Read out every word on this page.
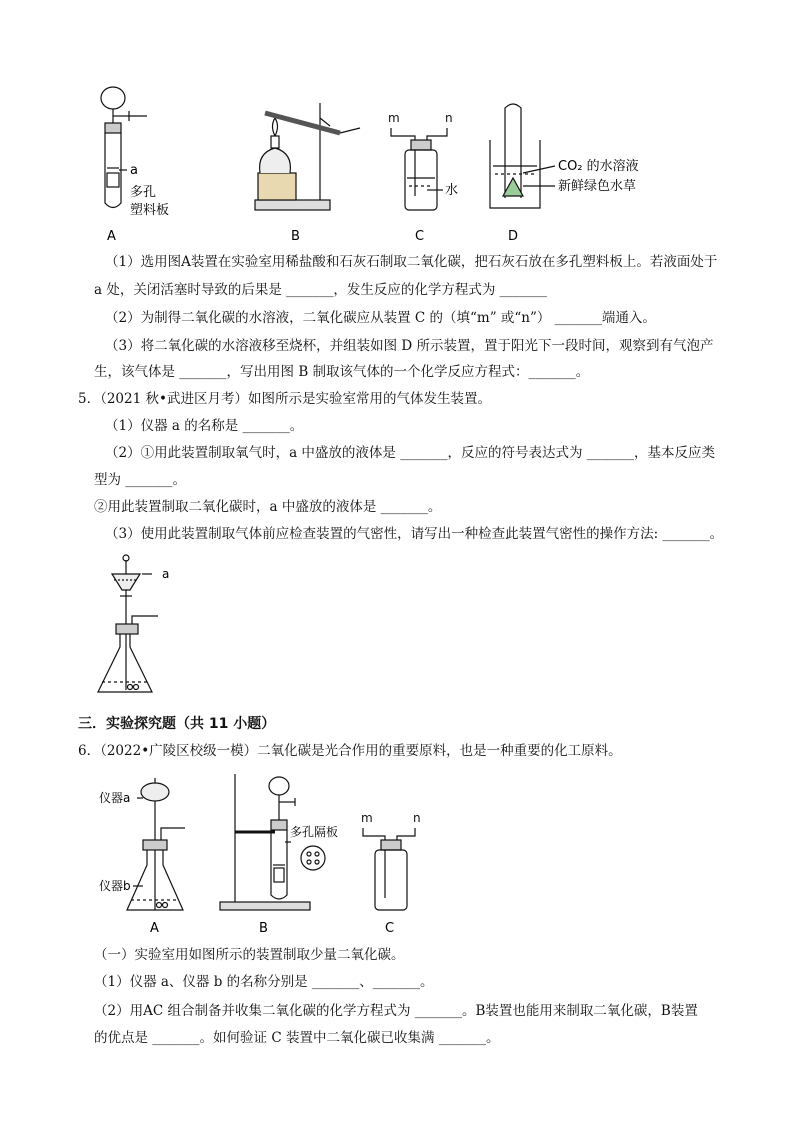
a
多孔
塑料板
A	B
m	n
水
C
CO₂ 的水溶液
新鲜绿色水草
D
（1）选用图A装置在实验室用稀盐酸和石灰石制取二氧化碳，把石灰石放在多孔塑料板上。若液面处于
a 处，关闭活塞时导致的后果是 _______，发生反应的化学方程式为 _______
（2）为制得二氧化碳的水溶液，二氧化碳应从装置 C 的（填“m” 或“n”） _______端通入。
（3）将二氧化碳的水溶液移至烧杯，并组装如图 D 所示装置，置于阳光下一段时间，观察到有气泡产
生，该气体是 _______，写出用图 B 制取该气体的一个化学反应方程式：_______。
5．（2021 秋•武进区月考）如图所示是实验室常用的气体发生装置。
（1）仪器 a 的名称是 _______。
（2）①用此装置制取氧气时，a 中盛放的液体是 _______，反应的符号表达式为 _______，基本反应类
型为 _______。
②用此装置制取二氧化碳时，a 中盛放的液体是 _______。
（3）使用此装置制取气体前应检查装置的气密性，请写出一种检查此装置气密性的操作方法: _______。
a
三．实验探究题（共 11 小题）
6．（2022•广陵区校级一模）二氧化碳是光合作用的重要原料，也是一种重要的化工原料。
仪器a
仪器b
A
多孔隔板
B
m	n
C
（一）实验室用如图所示的装置制取少量二氧化碳。
（1）仪器 a、仪器 b 的名称分别是 _______、_______。
（2）用AC 组合制备并收集二氧化碳的化学方程式为 _______。B装置也能用来制取二氧化碳，B装置
的优点是 _______。如何验证 C 装置中二氧化碳已收集满 _______。
